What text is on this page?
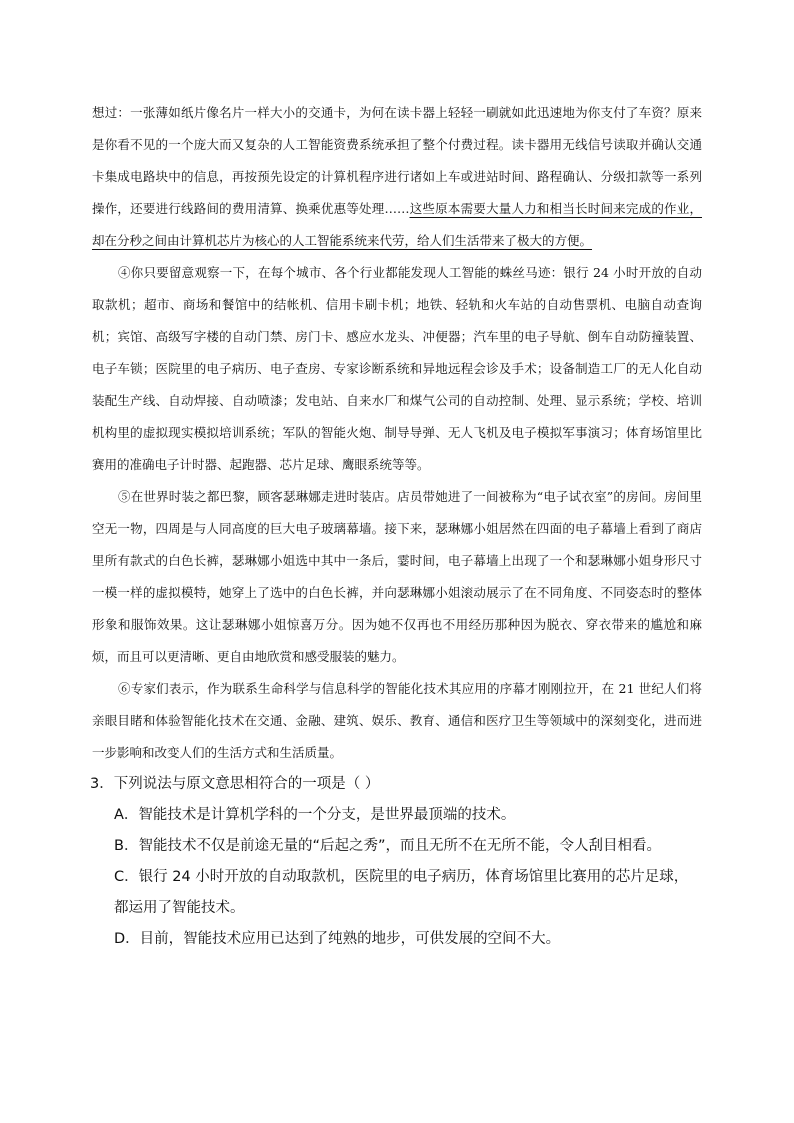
想过：一张薄如纸片像名片一样大小的交通卡，为何在读卡器上轻轻一刷就如此迅速地为你支付了车资？原来是你看不见的一个庞大而又复杂的人工智能资费系统承担了整个付费过程。读卡器用无线信号读取并确认交通卡集成电路块中的信息，再按预先设定的计算机程序进行诸如上车或进站时间、路程确认、分级扣款等一系列操作，还要进行线路间的费用清算、换乘优惠等处理……这些原本需要大量人力和相当长时间来完成的作业，却在分秒之间由计算机芯片为核心的人工智能系统来代劳，给人们生活带来了极大的方便。

④你只要留意观察一下，在每个城市、各个行业都能发现人工智能的蛛丝马迹：银行 24 小时开放的自动取款机；超市、商场和餐馆中的结帐机、信用卡刷卡机；地铁、轻轨和火车站的自动售票机、电脑自动查询机；宾馆、高级写字楼的自动门禁、房门卡、感应水龙头、冲便器；汽车里的电子导航、倒车自动防撞装置、电子车锁；医院里的电子病历、电子查房、专家诊断系统和异地远程会诊及手术；设备制造工厂的无人化自动装配生产线、自动焊接、自动喷漆；发电站、自来水厂和煤气公司的自动控制、处理、显示系统；学校、培训机构里的虚拟现实模拟培训系统；军队的智能火炮、制导导弹、无人飞机及电子模拟军事演习；体育场馆里比赛用的准确电子计时器、起跑器、芯片足球、鹰眼系统等等。

⑤在世界时装之都巴黎，顾客瑟琳娜走进时装店。店员带她进了一间被称为“电子试衣室”的房间。房间里空无一物，四周是与人同高度的巨大电子玻璃幕墙。接下来，瑟琳娜小姐居然在四面的电子幕墙上看到了商店里所有款式的白色长裤，瑟琳娜小姐选中其中一条后，霎时间，电子幕墙上出现了一个和瑟琳娜小姐身形尺寸一模一样的虚拟模特，她穿上了选中的白色长裤，并向瑟琳娜小姐滚动展示了在不同角度、不同姿态时的整体形象和服饰效果。这让瑟琳娜小姐惊喜万分。因为她不仅再也不用经历那种因为脱衣、穿衣带来的尴尬和麻烦，而且可以更清晰、更自由地欣赏和感受服装的魅力。

⑥专家们表示，作为联系生命科学与信息科学的智能化技术其应用的序幕才刚刚拉开，在 21 世纪人们将亲眼目睹和体验智能化技术在交通、金融、建筑、娱乐、教育、通信和医疗卫生等领域中的深刻变化，进而进一步影响和改变人们的生活方式和生活质量。

3．下列说法与原文意思相符合的一项是（ ）

A．智能技术是计算机学科的一个分支，是世界最顶端的技术。

B．智能技术不仅是前途无量的“后起之秀”，而且无所不在无所不能，令人刮目相看。

C．银行 24 小时开放的自动取款机，医院里的电子病历，体育场馆里比赛用的芯片足球，都运用了智能技术。

D．目前，智能技术应用已达到了纯熟的地步，可供发展的空间不大。
